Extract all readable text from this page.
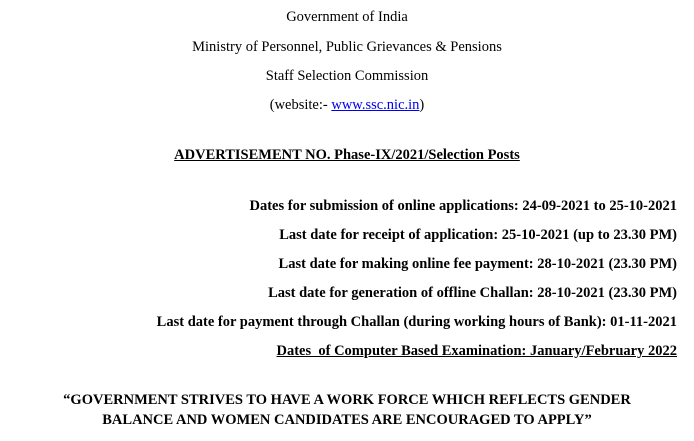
Government of India
Ministry of Personnel, Public Grievances & Pensions
Staff Selection Commission
(website:- www.ssc.nic.in)
ADVERTISEMENT NO. Phase-IX/2021/Selection Posts
Dates for submission of online applications: 24-09-2021 to 25-10-2021
Last date for receipt of application: 25-10-2021 (up to 23.30 PM)
Last date for making online fee payment: 28-10-2021 (23.30 PM)
Last date for generation of offline Challan: 28-10-2021 (23.30 PM)
Last date for payment through Challan (during working hours of Bank): 01-11-2021
Dates  of Computer Based Examination: January/February 2022
“GOVERNMENT STRIVES TO HAVE A WORK FORCE WHICH REFLECTS GENDER
BALANCE AND WOMEN CANDIDATES ARE ENCOURAGED TO APPLY”
